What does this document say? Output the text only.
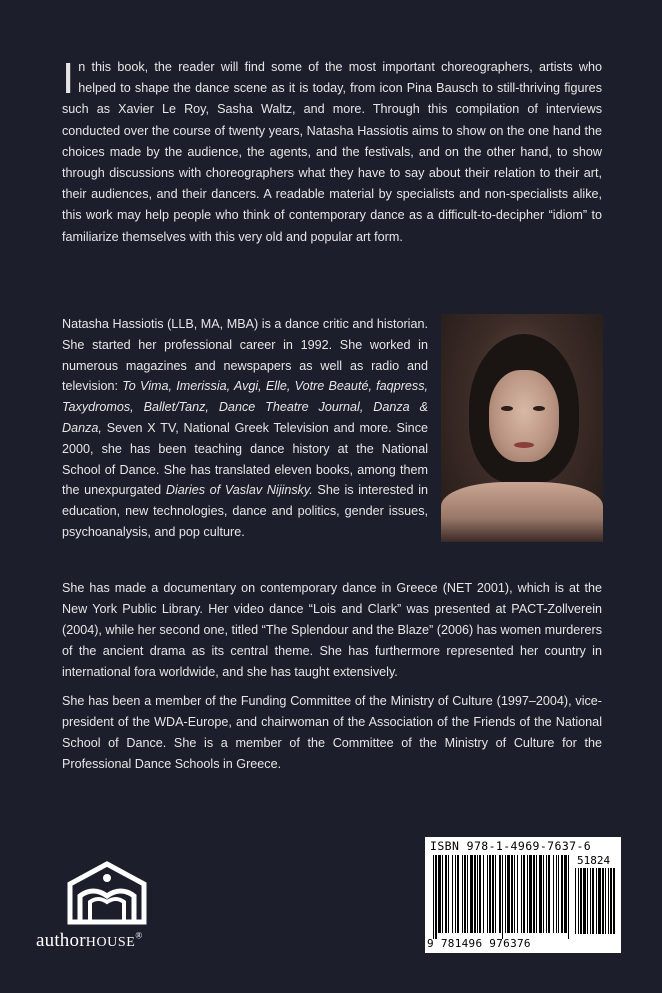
In this book, the reader will find some of the most important choreographers, artists who helped to shape the dance scene as it is today, from icon Pina Bausch to still-thriving figures such as Xavier Le Roy, Sasha Waltz, and more. Through this compilation of interviews conducted over the course of twenty years, Natasha Hassiotis aims to show on the one hand the choices made by the audience, the agents, and the festivals, and on the other hand, to show through discussions with choreographers what they have to say about their relation to their art, their audiences, and their dancers. A readable material by specialists and non-specialists alike, this work may help people who think of contemporary dance as a difficult-to-decipher “idiom” to familiarize themselves with this very old and popular art form.
Natasha Hassiotis (LLB, MA, MBA) is a dance critic and historian. She started her professional career in 1992. She worked in numerous magazines and newspapers as well as radio and television: To Vima, Imerissia, Avgi, Elle, Votre Beauté, faqpress, Taxydromos, Ballet/Tanz, Dance Theatre Journal, Danza & Danza, Seven X TV, National Greek Television and more. Since 2000, she has been teaching dance history at the National School of Dance. She has translated eleven books, among them the unexpurgated Diaries of Vaslav Nijinsky. She is interested in education, new technologies, dance and politics, gender issues, psychoanalysis, and pop culture.
She has made a documentary on contemporary dance in Greece (NET 2001), which is at the New York Public Library. Her video dance “Lois and Clark” was presented at PACT-Zollverein (2004), while her second one, titled “The Splendour and the Blaze” (2006) has women murderers of the ancient drama as its central theme. She has furthermore represented her country in international fora worldwide, and she has taught extensively.
She has been a member of the Funding Committee of the Ministry of Culture (1997–2004), vice-president of the WDA-Europe, and chairwoman of the Association of the Friends of the National School of Dance. She is a member of the Committee of the Ministry of Culture for the Professional Dance Schools in Greece.
authorHOUSE®
ISBN 978-1-4969-7637-6
51824
9 781496 976376
